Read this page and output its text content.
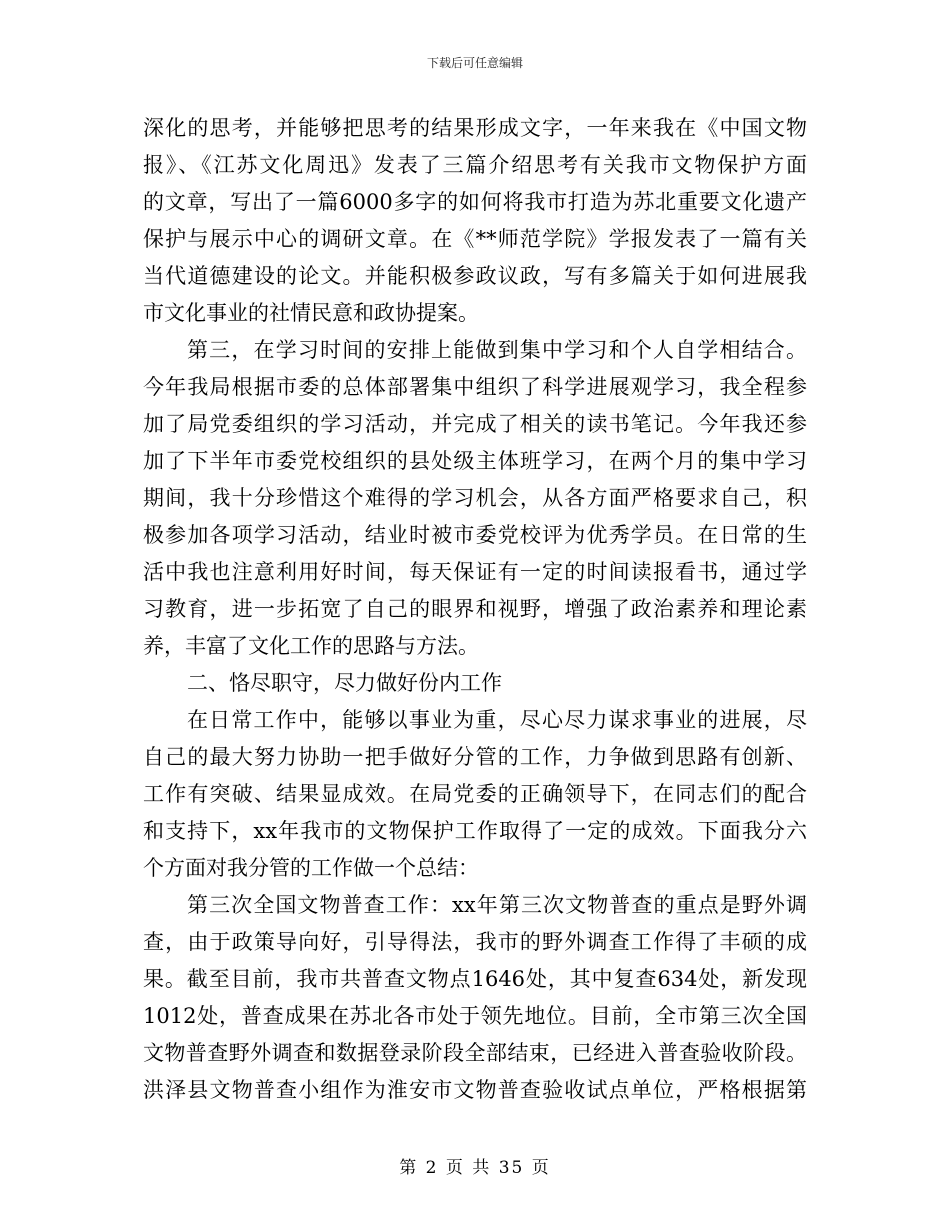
下载后可任意编辑
深化的思考，并能够把思考的结果形成文字，一年来我在《中国文物
报》、《江苏文化周迅》发表了三篇介绍思考有关我市文物保护方面
的文章，写出了一篇6000多字的如何将我市打造为苏北重要文化遗产
保护与展示中心的调研文章。在《**师范学院》学报发表了一篇有关
当代道德建设的论文。并能积极参政议政，写有多篇关于如何进展我
市文化事业的社情民意和政协提案。
第三，在学习时间的安排上能做到集中学习和个人自学相结合。
今年我局根据市委的总体部署集中组织了科学进展观学习，我全程参
加了局党委组织的学习活动，并完成了相关的读书笔记。今年我还参
加了下半年市委党校组织的县处级主体班学习，在两个月的集中学习
期间，我十分珍惜这个难得的学习机会，从各方面严格要求自己，积
极参加各项学习活动，结业时被市委党校评为优秀学员。在日常的生
活中我也注意利用好时间，每天保证有一定的时间读报看书，通过学
习教育，进一步拓宽了自己的眼界和视野，增强了政治素养和理论素
养，丰富了文化工作的思路与方法。
二、恪尽职守，尽力做好份内工作
在日常工作中，能够以事业为重，尽心尽力谋求事业的进展，尽
自己的最大努力协助一把手做好分管的工作，力争做到思路有创新、
工作有突破、结果显成效。在局党委的正确领导下，在同志们的配合
和支持下，xx年我市的文物保护工作取得了一定的成效。下面我分六
个方面对我分管的工作做一个总结：
第三次全国文物普查工作：xx年第三次文物普查的重点是野外调
查，由于政策导向好，引导得法，我市的野外调查工作得了丰硕的成
果。截至目前，我市共普查文物点1646处，其中复查634处，新发现
1012处，普查成果在苏北各市处于领先地位。目前，全市第三次全国
文物普查野外调查和数据登录阶段全部结束，已经进入普查验收阶段。
洪泽县文物普查小组作为淮安市文物普查验收试点单位，严格根据第
第 2 页 共 35 页
